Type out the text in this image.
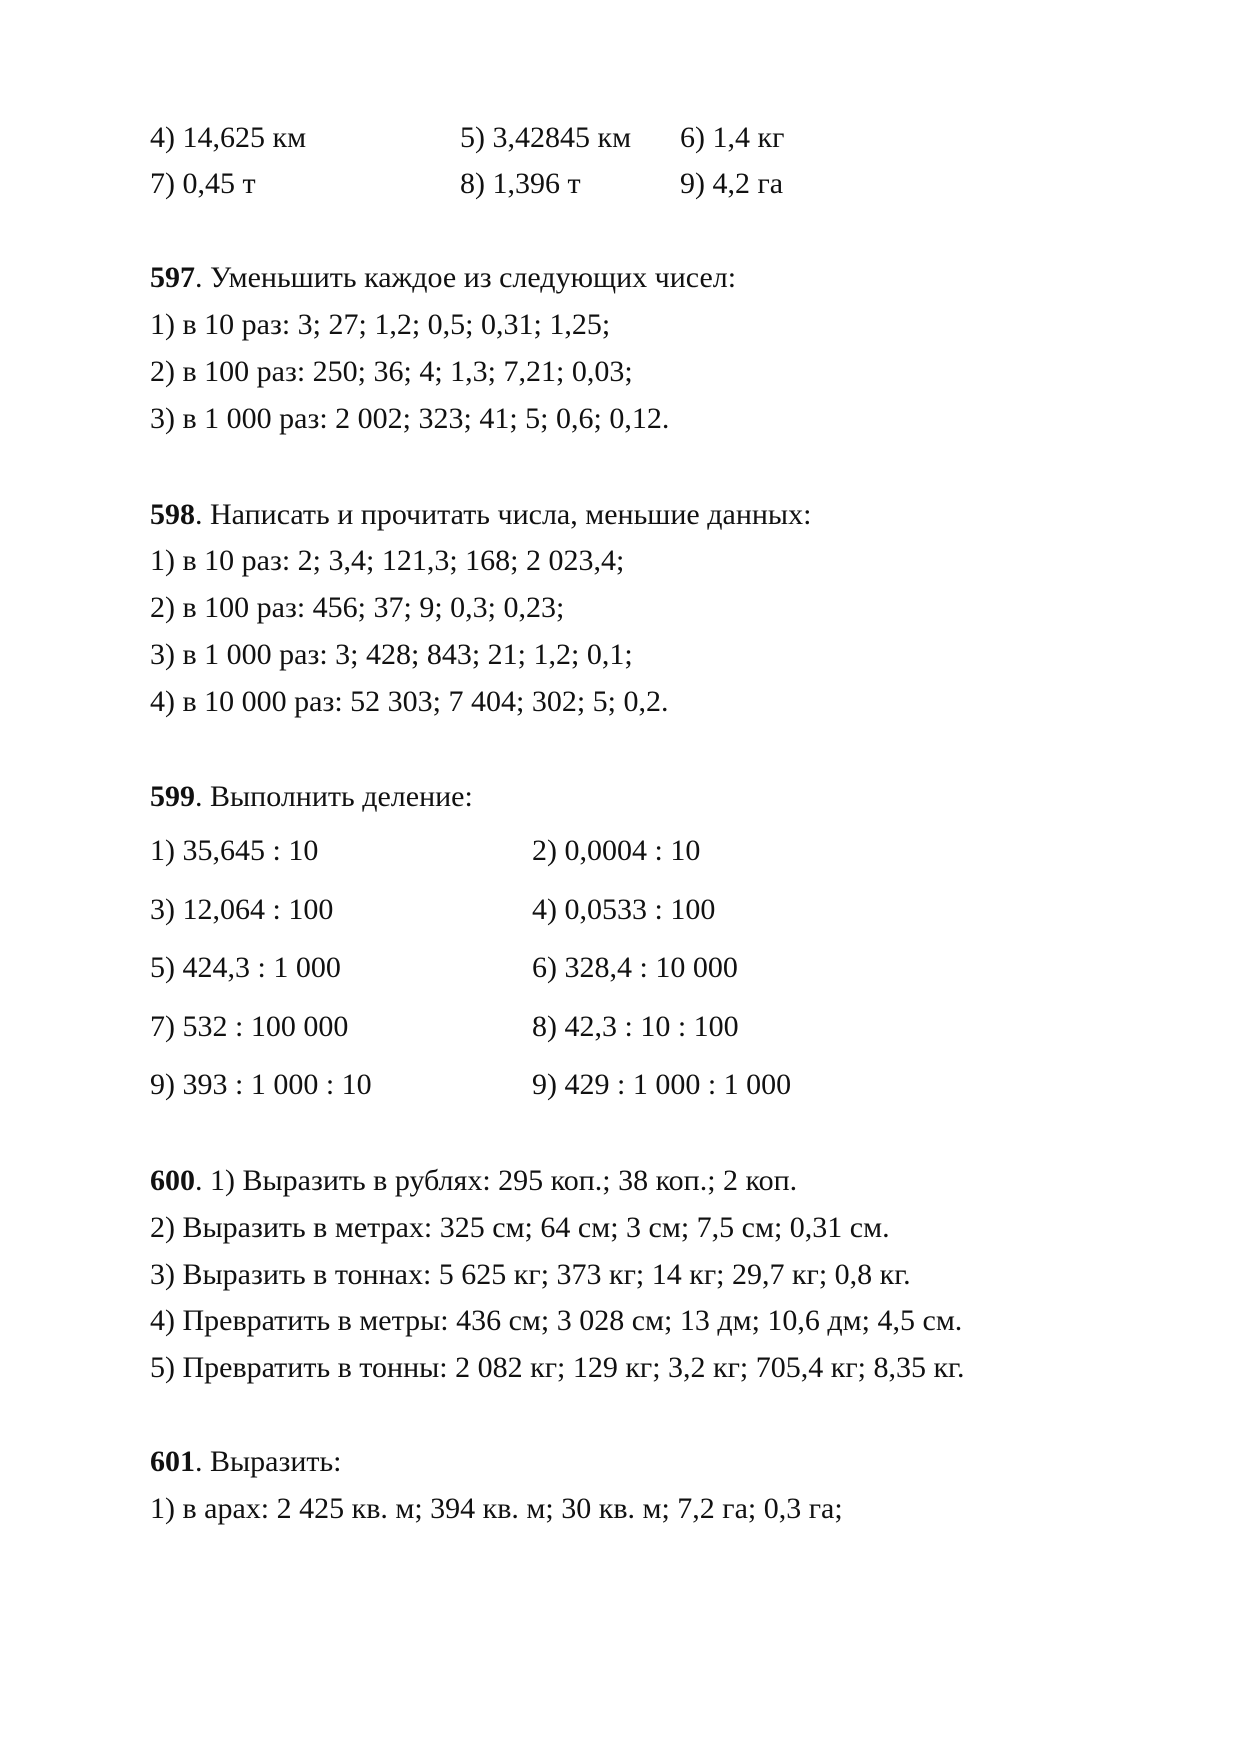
4) 14,625 км	5) 3,42845 км 6) 1,4 кг
7) 0,45 т	8) 1,396 т	9) 4,2 га

597. Уменьшить каждое из следующих чисел:

1) в 10 раз: 3; 27; 1,2; 0,5; 0,31; 1,25;

2) в 100 раз: 250; 36; 4; 1,3; 7,21; 0,03;

3) в 1 000 раз: 2 002; 323; 41; 5; 0,6; 0,12.

598. Написать и прочитать числа, меньшие данных:

1) в 10 раз: 2; 3,4; 121,3; 168; 2 023,4;

2) в 100 раз: 456; 37; 9; 0,3; 0,23;

3) в 1 000 раз: 3; 428; 843; 21; 1,2; 0,1;

4) в 10 000 раз: 52 303; 7 404; 302; 5; 0,2.

599. Выполнить деление:

1) 35,645 : 10	2) 0,0004 : 10
3) 12,064 : 100	4) 0,0533 : 100
5) 424,3 : 1 000	6) 328,4 : 10 000
7) 532 : 100 000	8) 42,3 : 10 : 100
9) 393 : 1 000 : 10	9) 429 : 1 000 : 1 000

600. 1) Выразить в рублях: 295 коп.; 38 коп.; 2 коп.

2) Выразить в метрах: 325 см; 64 см; 3 см; 7,5 см; 0,31 см.

3) Выразить в тоннах: 5 625 кг; 373 кг; 14 кг; 29,7 кг; 0,8 кг.

4) Превратить в метры: 436 см; 3 028 см; 13 дм; 10,6 дм; 4,5 см.

5) Превратить в тонны: 2 082 кг; 129 кг; 3,2 кг; 705,4 кг; 8,35 кг.

601. Выразить:

1) в арах: 2 425 кв. м; 394 кв. м; 30 кв. м; 7,2 га; 0,3 га;
